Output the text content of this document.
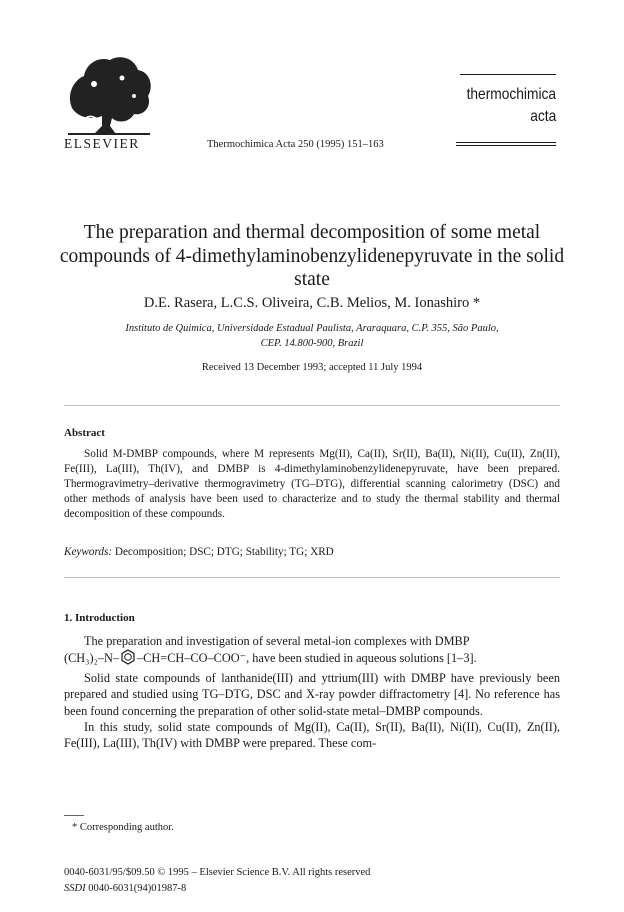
ELSEVIER	Thermochimica Acta 250 (1995) 151–163
thermochimica
acta
The preparation and thermal decomposition of some metal compounds of 4-dimethylaminobenzylidenepyruvate in the solid state
D.E. Rasera, L.C.S. Oliveira, C.B. Melios, M. Ionashiro *
Instituto de Quimica, Universidade Estadual Paulista, Araraquara, C.P. 355, São Paulo,
CEP. 14.800-900, Brazil
Received 13 December 1993; accepted 11 July 1994
Abstract
Solid M-DMBP compounds, where M represents Mg(II), Ca(II), Sr(II), Ba(II), Ni(II), Cu(II), Zn(II), Fe(III), La(III), Th(IV), and DMBP is 4-dimethylaminobenzylidenepyruvate, have been prepared. Thermogravimetry–derivative thermogravimetry (TG–DTG), differential scanning calorimetry (DSC) and other methods of analysis have been used to characterize and to study the thermal stability and thermal decomposition of these compounds.
Keywords: Decomposition; DSC; DTG; Stability; TG; XRD
1. Introduction
The preparation and investigation of several metal-ion complexes with DMBP
(CH₃)₂–N– –CH=CH–CO–COO⁻, have been studied in aqueous solutions [1–3].
Solid state compounds of lanthanide(III) and yttrium(III) with DMBP have previously been prepared and studied using TG–DTG, DSC and X-ray powder diffractometry [4]. No reference has been found concerning the preparation of other solid-state metal–DMBP compounds.
In this study, solid state compounds of Mg(II), Ca(II), Sr(II), Ba(II), Ni(II), Cu(II), Zn(II), Fe(III), La(III), Th(IV) with DMBP were prepared. These com-
* Corresponding author.
0040-6031/95/$09.50 © 1995 – Elsevier Science B.V. All rights reserved
SSDI 0040-6031(94)01987-8
